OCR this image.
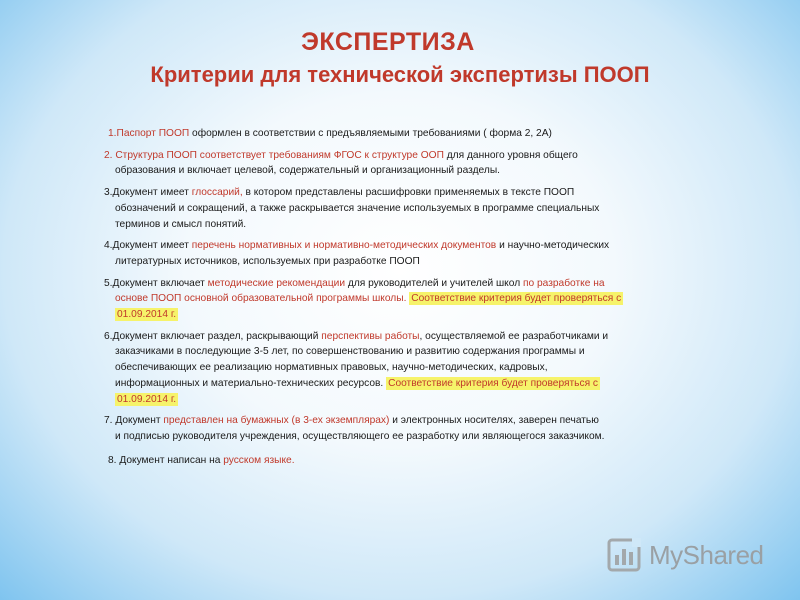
ЭКСПЕРТИЗА
Критерии для технической экспертизы ПООП
1.Паспорт ПООП оформлен в соответствии с предъявляемыми требованиями ( форма 2, 2А)
2. Структура ПООП соответствует требованиям ФГОС к структуре ООП для данного уровня общего
образования и включает целевой, содержательный и организационный разделы.
3.Документ имеет глоссарий, в котором представлены расшифровки применяемых в тексте ПООП
обозначений и сокращений, а также раскрывается значение используемых в программе специальных
терминов и смысл понятий.
4.Документ имеет перечень нормативных и нормативно-методических документов и научно-методических
литературных источников, используемых при разработке ПООП
5.Документ включает методические рекомендации для руководителей и учителей школ по разработке на
основе ПООП основной образовательной программы школы. Соответствие критерия будет проверяться с
01.09.2014 г.
6.Документ включает раздел, раскрывающий перспективы работы, осуществляемой ее разработчиками и
заказчиками в последующие 3-5 лет, по совершенствованию и развитию содержания программы и
обеспечивающих ее реализацию нормативных правовых, научно-методических, кадровых,
информационных и материально-технических ресурсов. Соответствие критерия будет проверяться с
01.09.2014 г.
7. Документ представлен на бумажных (в 3-ех экземплярах) и электронных носителях, заверен печатью
и подписью руководителя учреждения, осуществляющего ее разработку или являющегося заказчиком.
8. Документ написан на русском языке.
MyShared
